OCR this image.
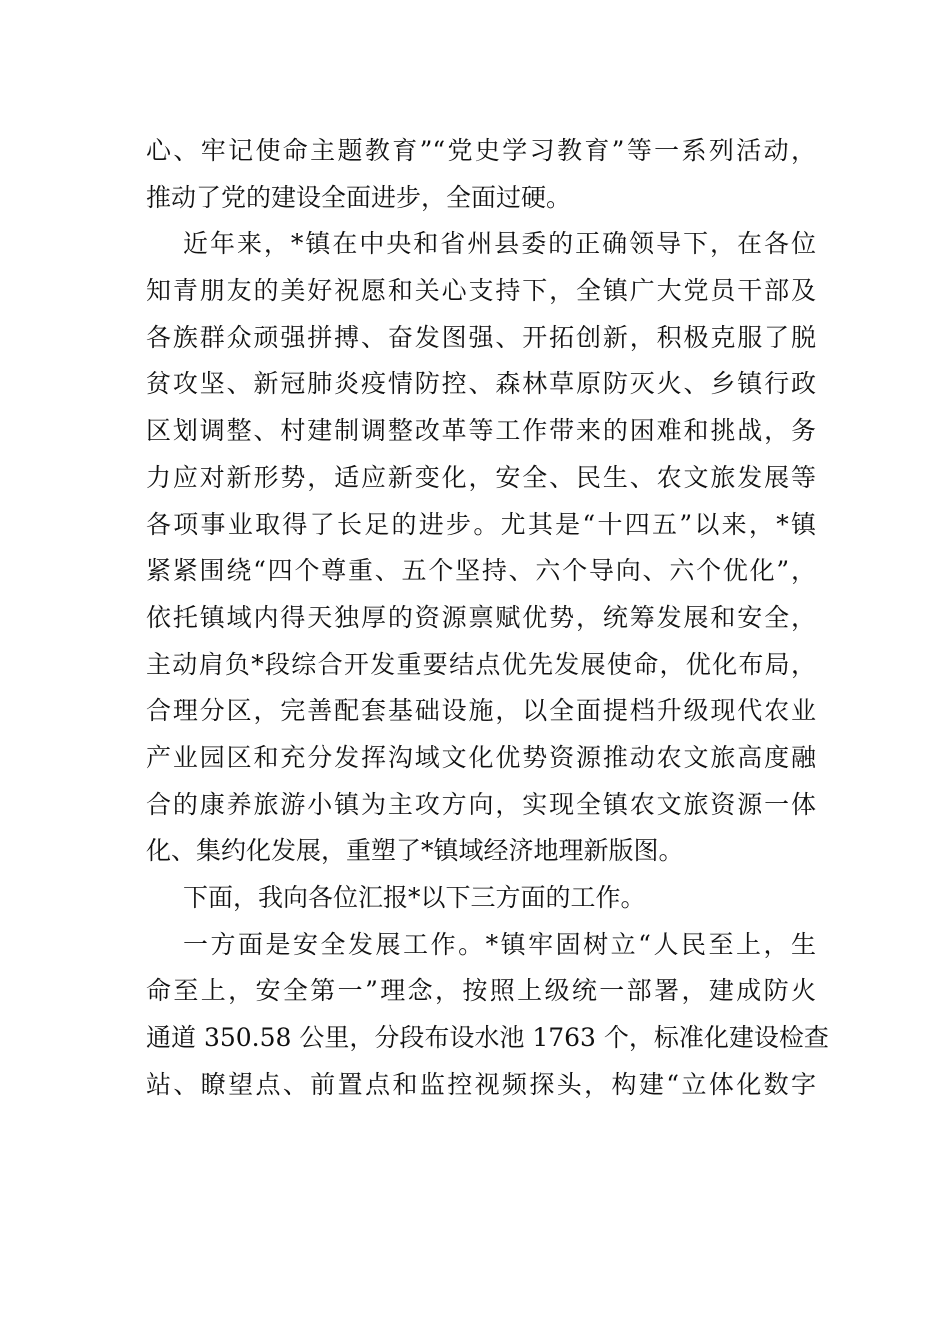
心、牢记使命主题教育”“党史学习教育”等一系列活动，
推动了党的建设全面进步，全面过硬。
近年来，*镇在中央和省州县委的正确领导下，在各位
知青朋友的美好祝愿和关心支持下，全镇广大党员干部及
各族群众顽强拼搏、奋发图强、开拓创新，积极克服了脱
贫攻坚、新冠肺炎疫情防控、森林草原防灭火、乡镇行政
区划调整、村建制调整改革等工作带来的困难和挑战，务
力应对新形势，适应新变化，安全、民生、农文旅发展等
各项事业取得了长足的进步。尤其是“十四五”以来，*镇
紧紧围绕“四个尊重、五个坚持、六个导向、六个优化”，
依托镇域内得天独厚的资源禀赋优势，统筹发展和安全，
主动肩负*段综合开发重要结点优先发展使命，优化布局，
合理分区，完善配套基础设施，以全面提档升级现代农业
产业园区和充分发挥沟域文化优势资源推动农文旅高度融
合的康养旅游小镇为主攻方向，实现全镇农文旅资源一体
化、集约化发展，重塑了*镇域经济地理新版图。
下面，我向各位汇报*以下三方面的工作。
一方面是安全发展工作。*镇牢固树立“人民至上，生
命至上，安全第一”理念，按照上级统一部署，建成防火
通道 350.58 公里，分段布设水池 1763 个，标准化建设检查
站、瞭望点、前置点和监控视频探头，构建“立体化数字
